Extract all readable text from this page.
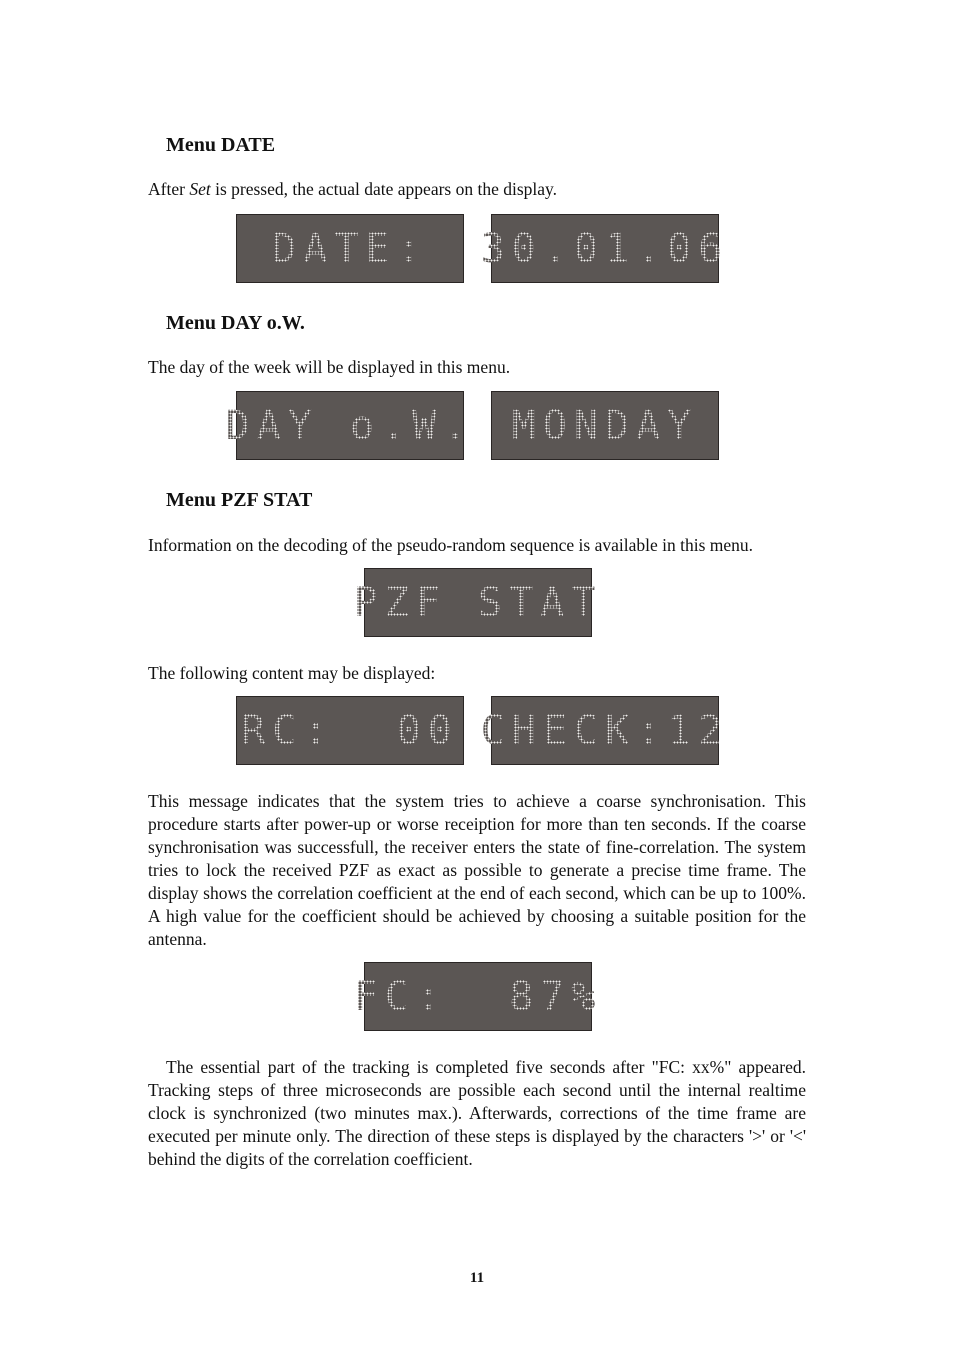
Menu DATE
After Set is pressed, the actual date appears on the display.
DATE: 30.01.06
Menu DAY o.W.
The day of the week will be displayed in this menu.
DAY o.W. MONDAY
Menu PZF STAT
Information on the decoding of the pseudo-random sequence is available in this menu.
PZF STAT
The following content may be displayed:
RC:  00 CHECK:12
This message indicates that the system tries to achieve a coarse synchronisation. This procedure starts after power-up or worse receiption for more than ten seconds. If the coarse synchronisation was successfull, the receiver enters the state of fine-correlation. The system tries to lock the received PZF as exact as possible to generate a precise time frame. The display shows the correlation coefficient at the end of each second, which can be up to 100%. A high value for the coefficient should be achieved by choosing a suitable position for the antenna.
FC:  87%
The essential part of the tracking is completed five seconds after "FC: xx%" appeared. Tracking steps of three microseconds are possible each second until the internal realtime clock is synchronized (two minutes max.). Afterwards, corrections of the time frame are executed per minute only. The direction of these steps is displayed by the characters '>' or '<' behind the digits of the correlation coefficient.
11
